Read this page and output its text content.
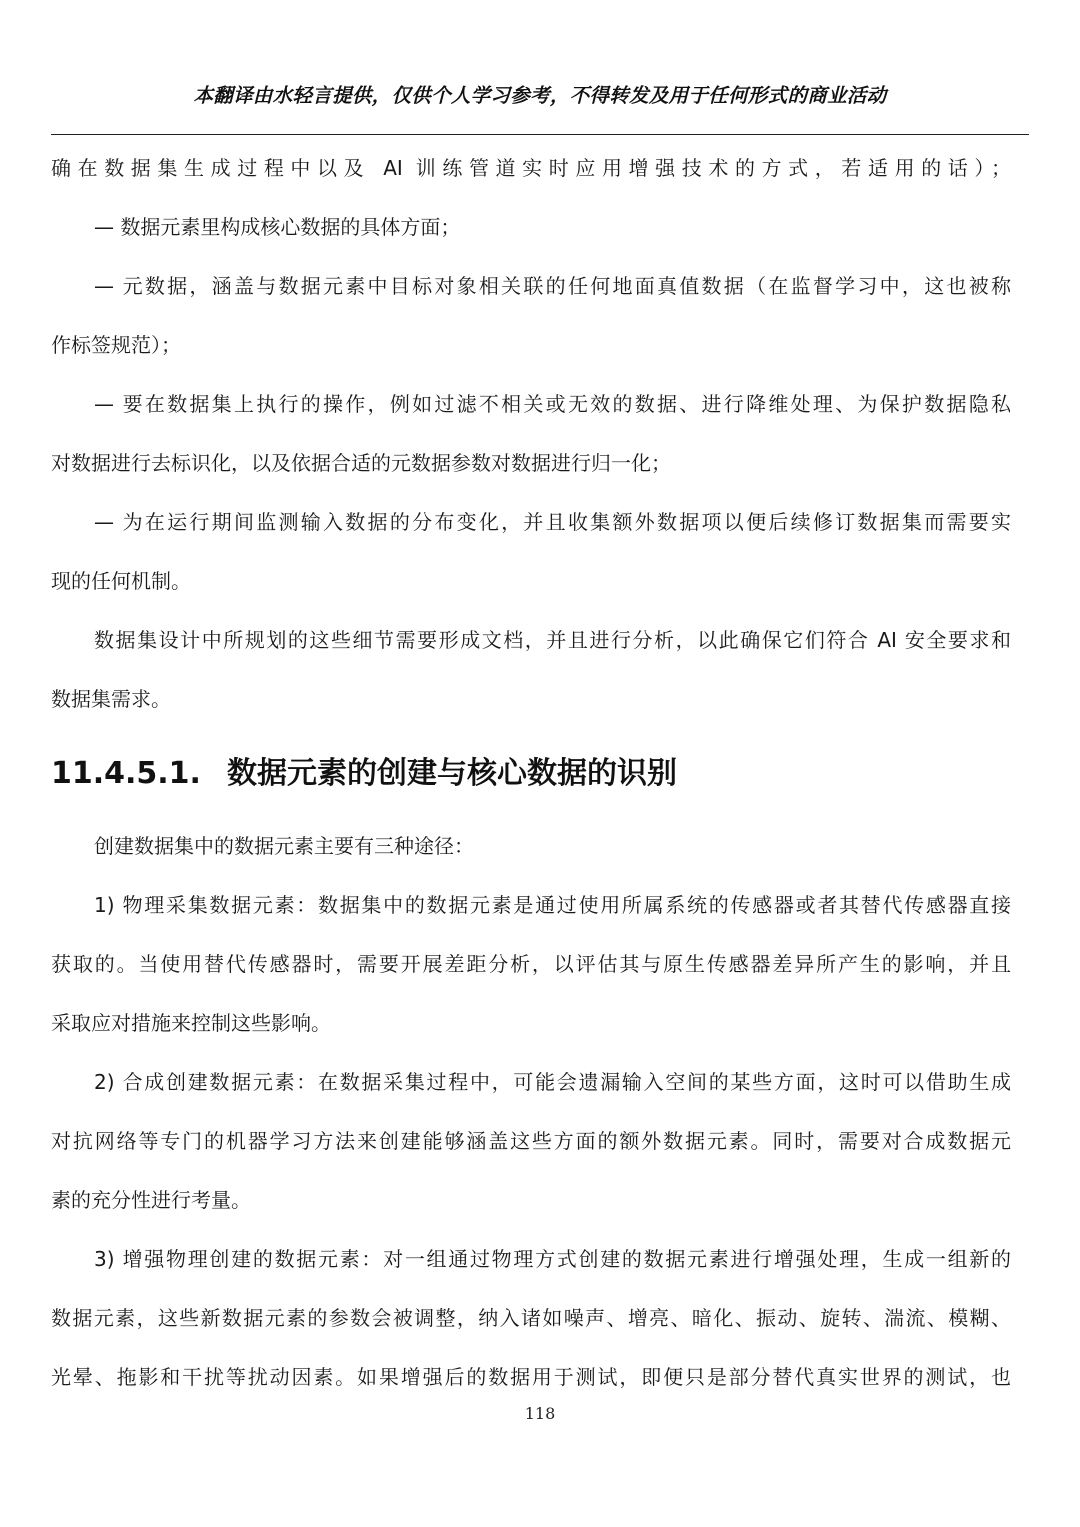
本翻译由水轻言提供，仅供个人学习参考，不得转发及用于任何形式的商业活动
确在数据集生成过程中以及 AI 训练管道实时应用增强技术的方式，若适用的话）；
— 数据元素里构成核心数据的具体方面；
— 元数据，涵盖与数据元素中目标对象相关联的任何地面真值数据（在监督学习中，这也被称
作标签规范）；
— 要在数据集上执行的操作，例如过滤不相关或无效的数据、进行降维处理、为保护数据隐私
对数据进行去标识化，以及依据合适的元数据参数对数据进行归一化；
— 为在运行期间监测输入数据的分布变化，并且收集额外数据项以便后续修订数据集而需要实
现的任何机制。
数据集设计中所规划的这些细节需要形成文档，并且进行分析，以此确保它们符合 AI 安全要求和
数据集需求。
11.4.5.1. 数据元素的创建与核心数据的识别
创建数据集中的数据元素主要有三种途径：
1) 物理采集数据元素：数据集中的数据元素是通过使用所属系统的传感器或者其替代传感器直接
获取的。当使用替代传感器时，需要开展差距分析，以评估其与原生传感器差异所产生的影响，并且
采取应对措施来控制这些影响。
2) 合成创建数据元素：在数据采集过程中，可能会遗漏输入空间的某些方面，这时可以借助生成
对抗网络等专门的机器学习方法来创建能够涵盖这些方面的额外数据元素。同时，需要对合成数据元
素的充分性进行考量。
3) 增强物理创建的数据元素：对一组通过物理方式创建的数据元素进行增强处理，生成一组新的
数据元素，这些新数据元素的参数会被调整，纳入诸如噪声、增亮、暗化、振动、旋转、湍流、模糊、
光晕、拖影和干扰等扰动因素。如果增强后的数据用于测试，即便只是部分替代真实世界的测试，也
118
